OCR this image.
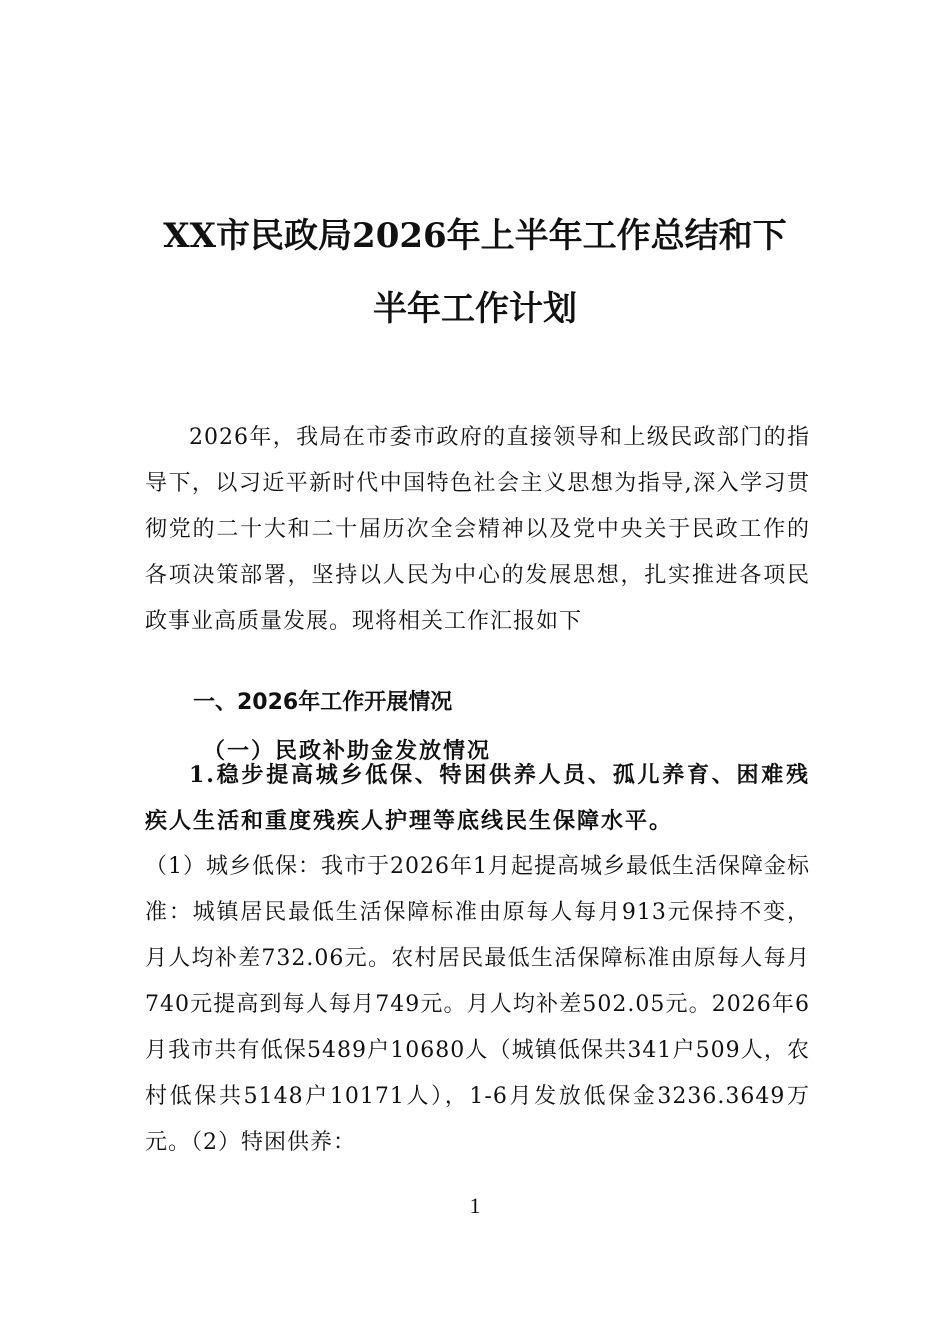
XX市民政局2026年上半年工作总结和下
半年工作计划

2026年，我局在市委市政府的直接领导和上级民政部门的指导下，以习近平新时代中国特色社会主义思想为指导,深入学习贯彻党的二十大和二十届历次全会精神以及党中央关于民政工作的各项决策部署，坚持以人民为中心的发展思想，扎实推进各项民政事业高质量发展。现将相关工作汇报如下

一、2026年工作开展情况
（一）民政补助金发放情况
1.稳步提高城乡低保、特困供养人员、孤儿养育、困难残疾人生活和重度残疾人护理等底线民生保障水平。
（1）城乡低保：我市于2026年1月起提高城乡最低生活保障金标准：城镇居民最低生活保障标准由原每人每月913元保持不变，月人均补差732.06元。农村居民最低生活保障标准由原每人每月740元提高到每人每月749元。月人均补差502.05元。2026年6月我市共有低保5489户10680人（城镇低保共341户509人，农村低保共5148户10171人），1-6月发放低保金3236.3649万元。（2）特困供养：
1
